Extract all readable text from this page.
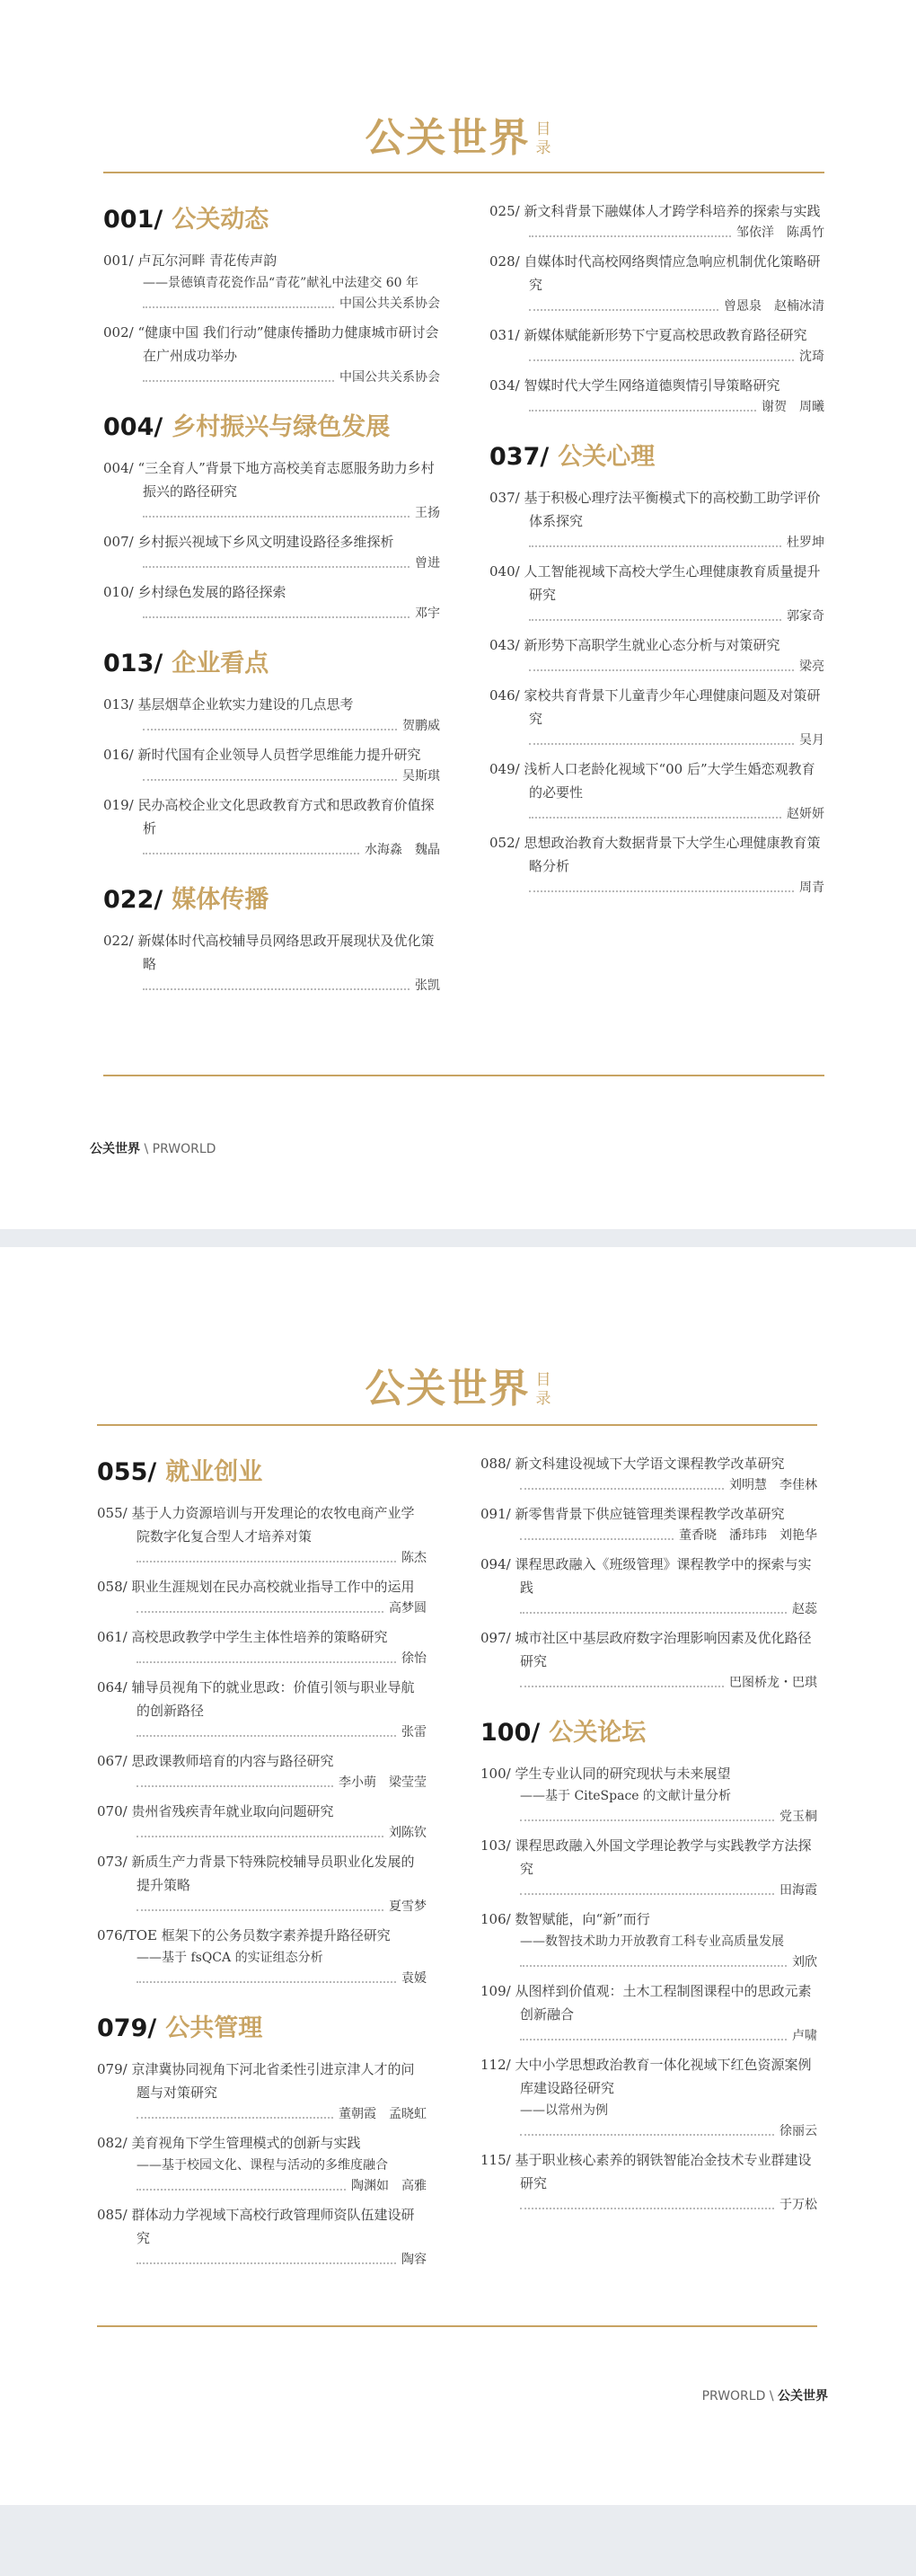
公关世界 目
录
001/ 公关动态
001/ 卢瓦尔河畔 青花传声韵
——景德镇青花瓷作品“青花”献礼中法建交 60 年
中国公共关系协会
002/ “健康中国 我们行动”健康传播助力健康城市研讨会在广州成功举办
中国公共关系协会
004/ 乡村振兴与绿色发展
004/ “三全育人”背景下地方高校美育志愿服务助力乡村振兴的路径研究
王扬
007/ 乡村振兴视域下乡风文明建设路径多维探析
曾进
010/ 乡村绿色发展的路径探索
邓宇
013/ 企业看点
013/ 基层烟草企业软实力建设的几点思考
贺鹏威
016/ 新时代国有企业领导人员哲学思维能力提升研究
吴斯琪
019/ 民办高校企业文化思政教育方式和思政教育价值探析
水海淼　魏晶
022/ 媒体传播
022/ 新媒体时代高校辅导员网络思政开展现状及优化策略
张凯
025/ 新文科背景下融媒体人才跨学科培养的探索与实践
邹依洋　陈禹竹
028/ 自媒体时代高校网络舆情应急响应机制优化策略研究
曾恩泉　赵楠冰清
031/ 新媒体赋能新形势下宁夏高校思政教育路径研究
沈琦
034/ 智媒时代大学生网络道德舆情引导策略研究
谢贺　周曦
037/ 公关心理
037/ 基于积极心理疗法平衡模式下的高校勤工助学评价体系探究
杜罗坤
040/ 人工智能视域下高校大学生心理健康教育质量提升研究
郭家奇
043/ 新形势下高职学生就业心态分析与对策研究
梁亮
046/ 家校共育背景下儿童青少年心理健康问题及对策研究
吴月
049/ 浅析人口老龄化视域下“00 后”大学生婚恋观教育的必要性
赵妍妍
052/ 思想政治教育大数据背景下大学生心理健康教育策略分析
周青
公关世界 \ PRWORLD
公关世界 目
录
055/ 就业创业
055/ 基于人力资源培训与开发理论的农牧电商产业学院数字化复合型人才培养对策
陈杰
058/ 职业生涯规划在民办高校就业指导工作中的运用
高梦圆
061/ 高校思政教学中学生主体性培养的策略研究
徐怡
064/ 辅导员视角下的就业思政：价值引领与职业导航的创新路径
张雷
067/ 思政课教师培育的内容与路径研究
李小萌　梁莹莹
070/ 贵州省残疾青年就业取向问题研究
刘陈钦
073/ 新质生产力背景下特殊院校辅导员职业化发展的提升策略
夏雪梦
076/TOE 框架下的公务员数字素养提升路径研究
——基于 fsQCA 的实证组态分析
袁媛
079/ 公共管理
079/ 京津冀协同视角下河北省柔性引进京津人才的问题与对策研究
董朝霞　孟晓虹
082/ 美育视角下学生管理模式的创新与实践
——基于校园文化、课程与活动的多维度融合
陶渊如　高雅
085/ 群体动力学视域下高校行政管理师资队伍建设研究
陶容
088/ 新文科建设视域下大学语文课程教学改革研究
刘明慧　李佳林
091/ 新零售背景下供应链管理类课程教学改革研究
董香晓　潘玮玮　刘艳华
094/ 课程思政融入《班级管理》课程教学中的探索与实践
赵蕊
097/ 城市社区中基层政府数字治理影响因素及优化路径研究
巴图桥龙・巴琪
100/ 公关论坛
100/ 学生专业认同的研究现状与未来展望
——基于 CiteSpace 的文献计量分析
党玉桐
103/ 课程思政融入外国文学理论教学与实践教学方法探究
田海霞
106/ 数智赋能，向“新”而行
——数智技术助力开放教育工科专业高质量发展
刘欣
109/ 从图样到价值观：土木工程制图课程中的思政元素创新融合
卢啸
112/ 大中小学思想政治教育一体化视域下红色资源案例库建设路径研究
——以常州为例
徐丽云
115/ 基于职业核心素养的钢铁智能冶金技术专业群建设研究
于万松
PRWORLD \ 公关世界
